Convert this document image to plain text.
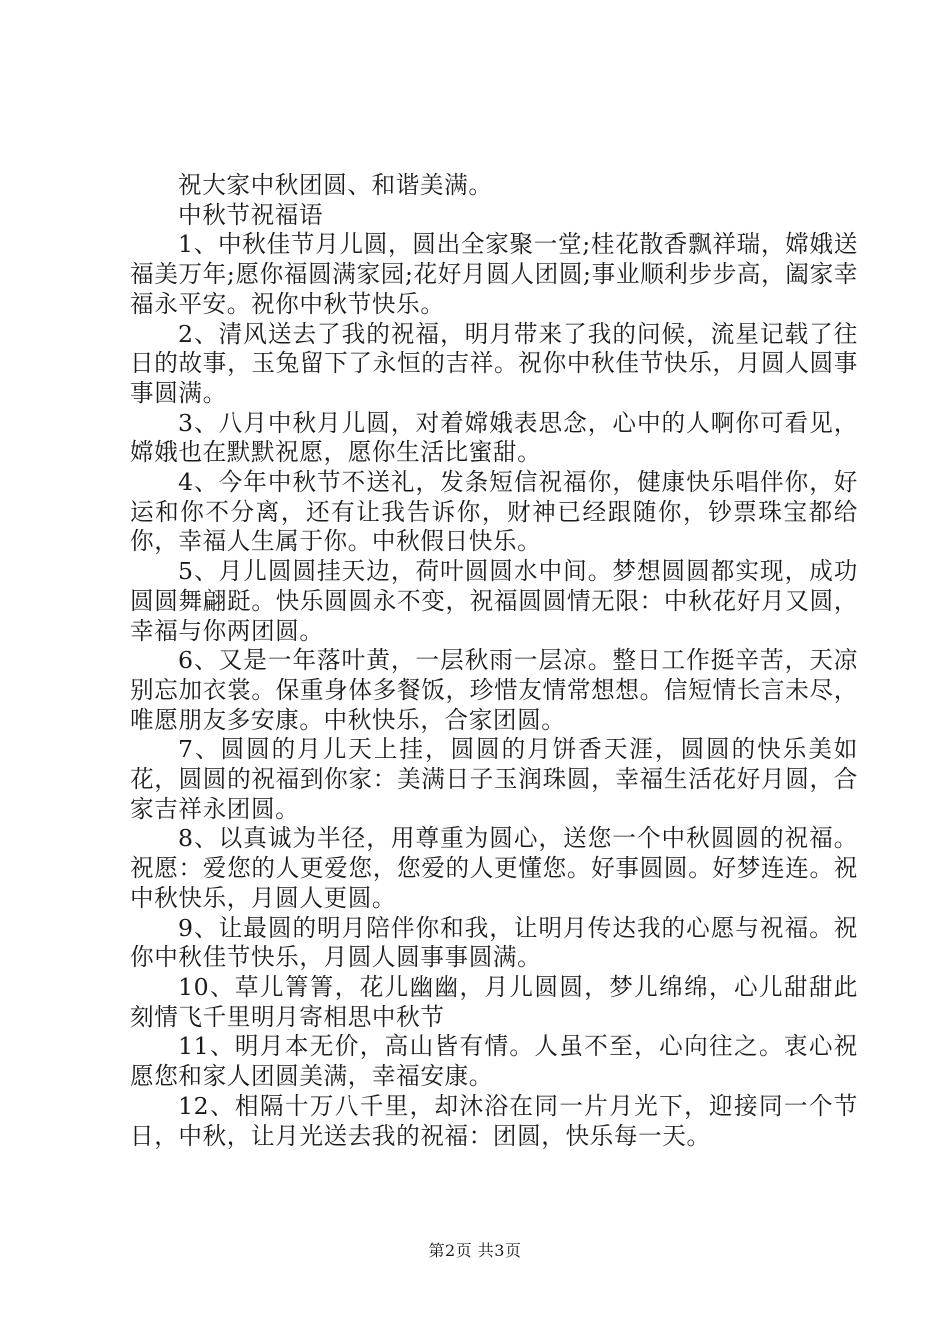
祝大家中秋团圆、和谐美满。

中秋节祝福语

1、中秋佳节月儿圆，圆出全家聚一堂;桂花散香飘祥瑞，嫦娥送福美万年;愿你福圆满家园;花好月圆人团圆;事业顺利步步高，阖家幸福永平安。祝你中秋节快乐。

2、清风送去了我的祝福，明月带来了我的问候，流星记载了往日的故事，玉兔留下了永恒的吉祥。祝你中秋佳节快乐，月圆人圆事事圆满。

3、八月中秋月儿圆，对着嫦娥表思念，心中的人啊你可看见，嫦娥也在默默祝愿，愿你生活比蜜甜。

4、今年中秋节不送礼，发条短信祝福你，健康快乐唱伴你，好运和你不分离，还有让我告诉你，财神已经跟随你，钞票珠宝都给你，幸福人生属于你。中秋假日快乐。

5、月儿圆圆挂天边，荷叶圆圆水中间。梦想圆圆都实现，成功圆圆舞翩跹。快乐圆圆永不变，祝福圆圆情无限：中秋花好月又圆，幸福与你两团圆。

6、又是一年落叶黄，一层秋雨一层凉。整日工作挺辛苦，天凉别忘加衣裳。保重身体多餐饭，珍惜友情常想想。信短情长言未尽，唯愿朋友多安康。中秋快乐，合家团圆。

7、圆圆的月儿天上挂，圆圆的月饼香天涯，圆圆的快乐美如花，圆圆的祝福到你家：美满日子玉润珠圆，幸福生活花好月圆，合家吉祥永团圆。

8、以真诚为半径，用尊重为圆心，送您一个中秋圆圆的祝福。祝愿：爱您的人更爱您，您爱的人更懂您。好事圆圆。好梦连连。祝中秋快乐，月圆人更圆。

9、让最圆的明月陪伴你和我，让明月传达我的心愿与祝福。祝你中秋佳节快乐，月圆人圆事事圆满。

10、草儿箐箐，花儿幽幽，月儿圆圆，梦儿绵绵，心儿甜甜此刻情飞千里明月寄相思中秋节

11、明月本无价，高山皆有情。人虽不至，心向往之。衷心祝愿您和家人团圆美满，幸福安康。

12、相隔十万八千里，却沐浴在同一片月光下，迎接同一个节日，中秋，让月光送去我的祝福：团圆，快乐每一天。

第2页 共3页
